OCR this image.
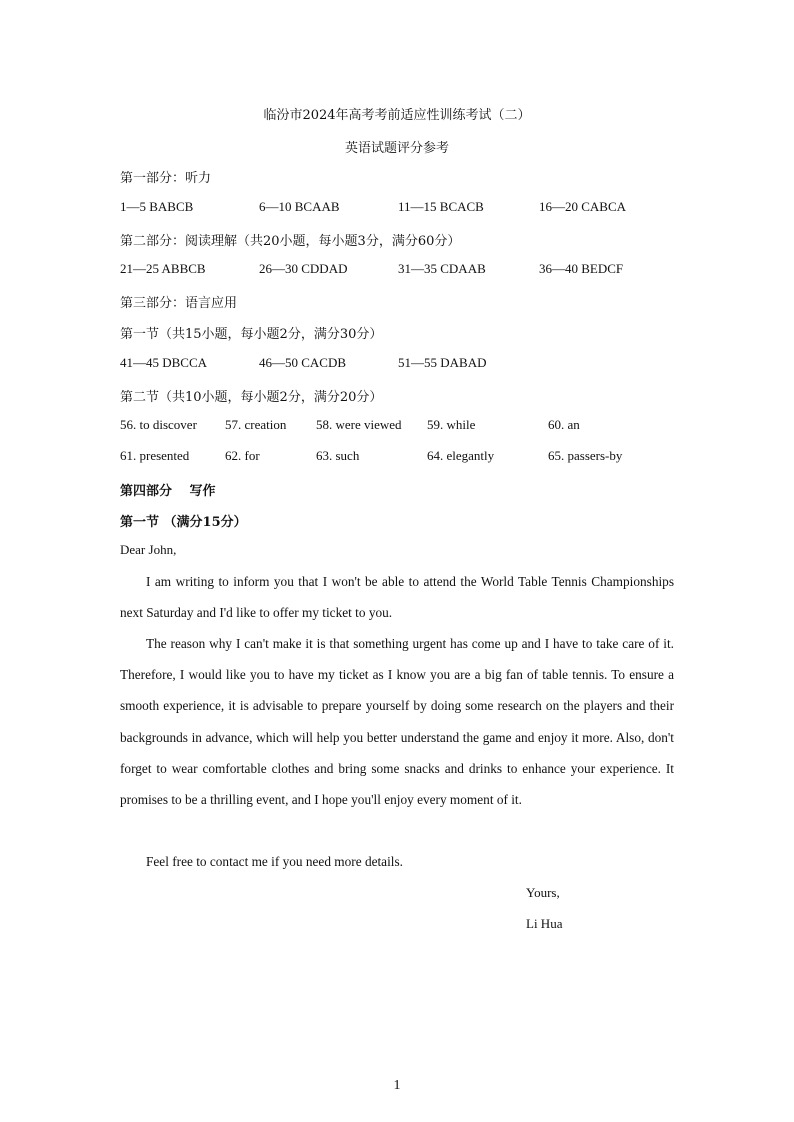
临汾市2024年高考考前适应性训练考试（二）
英语试题评分参考
第一部分：听力
1—5 BABCB	6—10 BCAAB	11—15 BCACB	16—20 CABCA
第二部分：阅读理解（共20小题，每小题3分，满分60分）
21—25 ABBCB	26—30 CDDAD	31—35 CDAAB	36—40 BEDCF
第三部分：语言应用
第一节（共15小题，每小题2分，满分30分）
41—45 DBCCA	46—50 CACDB	51—55 DABAD
第二节（共10小题，每小题2分，满分20分）
56. to discover 57. creation 58. were viewed 59. while	60. an
61. presented	62. for	63. such	64. elegantly	65. passers-by
第四部分　 写作
第一节 （满分15分）
Dear John,
I am writing to inform you that I won't be able to attend the World Table Tennis Championships next Saturday and I'd like to offer my ticket to you.
The reason why I can't make it is that something urgent has come up and I have to take care of it. Therefore, I would like you to have my ticket as I know you are a big fan of table tennis. To ensure a smooth experience, it is advisable to prepare yourself by doing some research on the players and their backgrounds in advance, which will help you better understand the game and enjoy it more. Also, don't forget to wear comfortable clothes and bring some snacks and drinks to enhance your experience. It promises to be a thrilling event, and I hope you'll enjoy every moment of it.
Feel free to contact me if you need more details.
Yours,
Li Hua
1
